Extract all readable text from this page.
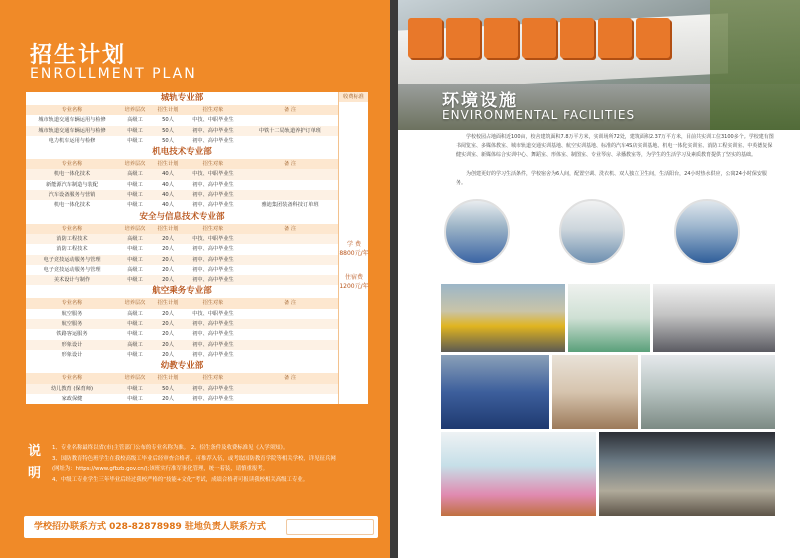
招生计划
ENROLLMENT PLAN
城轨专业部
专业名称	培养层次	招生计划	招生对象	备 注
城市轨道交通车辆运用与检修	高级工	50人	中技、中职毕业生
城市轨道交通车辆运用与检修	中级工	50人	初中、高中毕业生	中铁十二局轨道养护订单班
电力机车运用与检修	中级工	50人	初中、高中毕业生
机电技术专业部
专业名称	培养层次	招生计划	招生对象	备 注
机电一体化技术	高级工	40人	中技、中职毕业生
新能源汽车制造与装配	中级工	40人	初中、高中毕业生
汽车设备服务与营销	中级工	40人	初中、高中毕业生
机电一体化技术	中级工	40人	初中、高中毕业生	雅迪集团装备科技订单班
安全与信息技术专业部
专业名称	培养层次	招生计划	招生对象	备 注
消防工程技术	高级工	20人	中技、中职毕业生
消防工程技术	中级工	20人	初中、高中毕业生
电子竞技运动服务与管理	中级工	20人	初中、高中毕业生
电子竞技运动服务与管理	高级工	20人	初中、高中毕业生
美术设计与制作	中级工	20人	初中、高中毕业生
航空乘务专业部
专业名称	培养层次	招生计划	招生对象	备 注
航空服务	高级工	20人	中技、中职毕业生
航空服务	中级工	20人	初中、高中毕业生
铁路客运服务	中级工	20人	初中、高中毕业生
形象设计	高级工	20人	初中、高中毕业生
形象设计	中级工	20人	初中、高中毕业生
幼教专业部
专业名称	培养层次	招生计划	招生对象	备 注
幼儿教育 (保育师)	中级工	50人	初中、高中毕业生
家政保健	中级工	20人	初中、高中毕业生
收费标准
学 费
8800元/年
住宿费
1200元/年
说明
1、专业名称最终以省(市)主管部门公布的专业名称为准。 2、招生条件及收费标准见《入学须知》。
3、国防教育特色班学生在我校高级工毕业后经审查合格者，可推荐入伍，或考取国防教育学院等相关学校，详见征兵网
(网址为：https://www.gfbzb.gov.cn/);该班实行准军事化管理，统一着装，请慎重报考。
4、中级工专业学生三年毕业后经过我校严格的“技能+文化”考试，成绩合格者可报读我校相关高级工专业。
学校招办联系方式 028-82878989 驻地负责人联系方式
环境设施
ENVIRONMENTAL FACILITIES
学校校园占地面积近100亩，校舍建筑面积7.8万平方米，实训场所72处，建筑面积2.37万平方米，目前共实训工位3100多个。学校建有图书阅览室、多媒体教室、城市轨道交通实训基地、航空实训基地、标准的汽车4S店实训基地、机电一体化实训室、消防工程实训室、中英德复保健实训室、新媒体综合实训中心、舞蹈室、形体室、制图室、专业琴房、录播教室等，为学生的生活学习及素质教育提供了坚实的基础。
为创建更好的学习生活条件，学校宿舍为6人间，配置空调、洗衣机、双人独立卫生间，生活阳台，24小时热水供应，公寓24小时保安服务。
